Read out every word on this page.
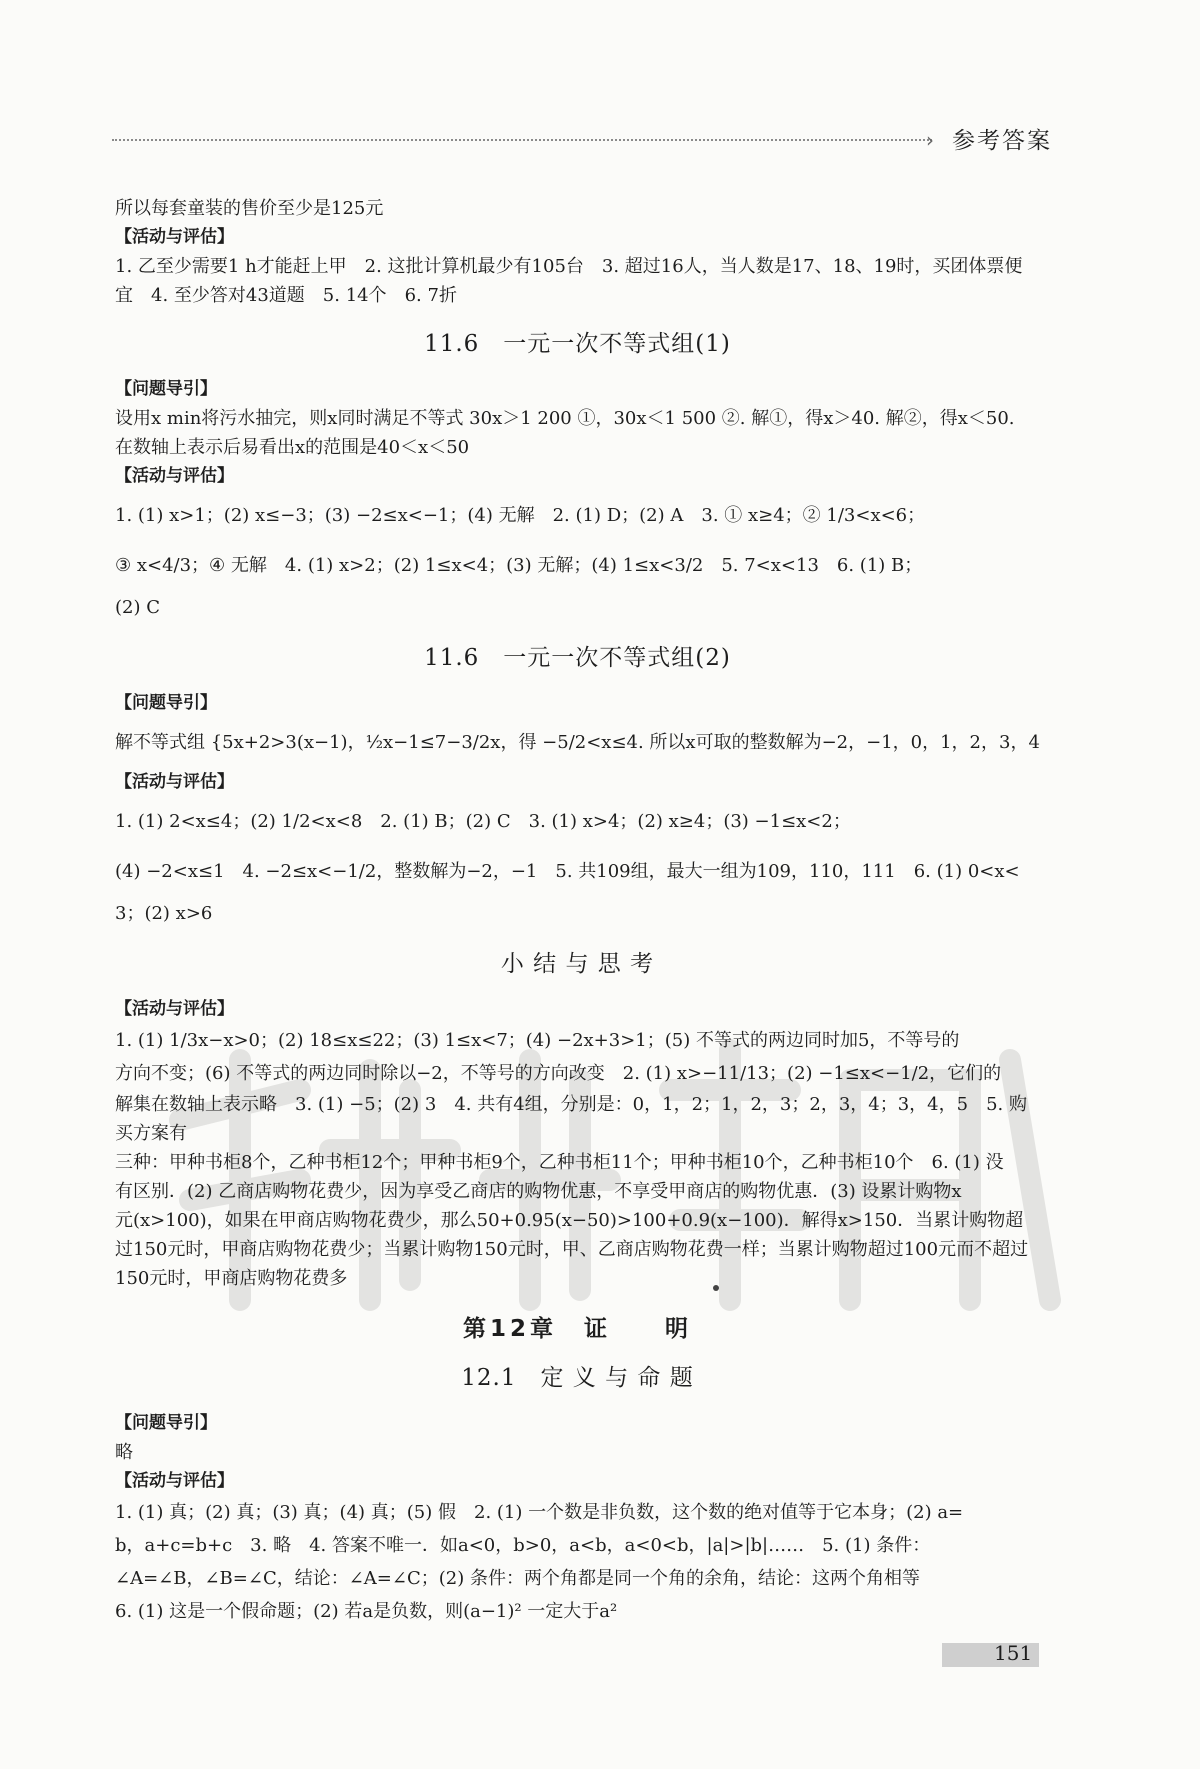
› 参考答案

所以每套童装的售价至少是125元

【活动与评估】

1. 乙至少需要1 h才能赶上甲　2. 这批计算机最少有105台　3. 超过16人，当人数是17、18、19时，买团体票便

宜　4. 至少答对43道题　5. 14个　6. 7折

11.6　一元一次不等式组(1)

【问题导引】

设用x min将污水抽完，则x同时满足不等式 30x＞1 200 ①，30x＜1 500 ②. 解①，得x＞40. 解②，得x＜50.

在数轴上表示后易看出x的范围是40＜x＜50

【活动与评估】

1. (1) x>1；(2) x≤−3；(3) −2≤x<−1；(4) 无解　2. (1) D；(2) A　3. ① x≥4；② 1/3<x<6；

③ x<4/3；④ 无解　4. (1) x>2；(2) 1≤x<4；(3) 无解；(4) 1≤x<3/2　5. 7<x<13　6. (1) B；

(2) C

11.6　一元一次不等式组(2)

【问题导引】

解不等式组 {5x+2>3(x−1)，½x−1≤7−3/2x，得 −5/2<x≤4. 所以x可取的整数解为−2，−1，0，1，2，3，4

【活动与评估】

1. (1) 2<x≤4；(2) 1/2<x<8　2. (1) B；(2) C　3. (1) x>4；(2) x≥4；(3) −1≤x<2；

(4) −2<x≤1　4. −2≤x<−1/2，整数解为−2，−1　5. 共109组，最大一组为109，110，111　6. (1) 0<x<

3；(2) x>6

小 结 与 思 考

【活动与评估】

1. (1) 1/3x−x>0；(2) 18≤x≤22；(3) 1≤x<7；(4) −2x+3>1；(5) 不等式的两边同时加5，不等号的

方向不变；(6) 不等式的两边同时除以−2，不等号的方向改变　2. (1) x>−11/13；(2) −1≤x<−1/2，它们的

解集在数轴上表示略　3. (1) −5；(2) 3　4. 共有4组，分别是：0，1，2；1，2，3；2，3，4；3，4，5　5. 购买方案有

三种：甲种书柜8个，乙种书柜12个；甲种书柜9个，乙种书柜11个；甲种书柜10个，乙种书柜10个　6. (1) 没

有区别．(2) 乙商店购物花费少，因为享受乙商店的购物优惠，不享受甲商店的购物优惠．(3) 设累计购物x

元(x>100)，如果在甲商店购物花费少，那么50+0.95(x−50)>100+0.9(x−100)．解得x>150．当累计购物超

过150元时，甲商店购物花费少；当累计购物150元时，甲、乙商店购物花费一样；当累计购物超过100元而不超过

150元时，甲商店购物花费多

第12章　证　　明
12.1　定 义 与 命 题

【问题导引】

略

【活动与评估】

1. (1) 真；(2) 真；(3) 真；(4) 真；(5) 假　2. (1) 一个数是非负数，这个数的绝对值等于它本身；(2) a=

b，a+c=b+c　3. 略　4. 答案不唯一．如a<0，b>0，a<b，a<0<b，|a|>|b|……　5. (1) 条件：

∠A=∠B，∠B=∠C，结论：∠A=∠C；(2) 条件：两个角都是同一个角的余角，结论：这两个角相等

6. (1) 这是一个假命题；(2) 若a是负数，则(a−1)² 一定大于a²

151
